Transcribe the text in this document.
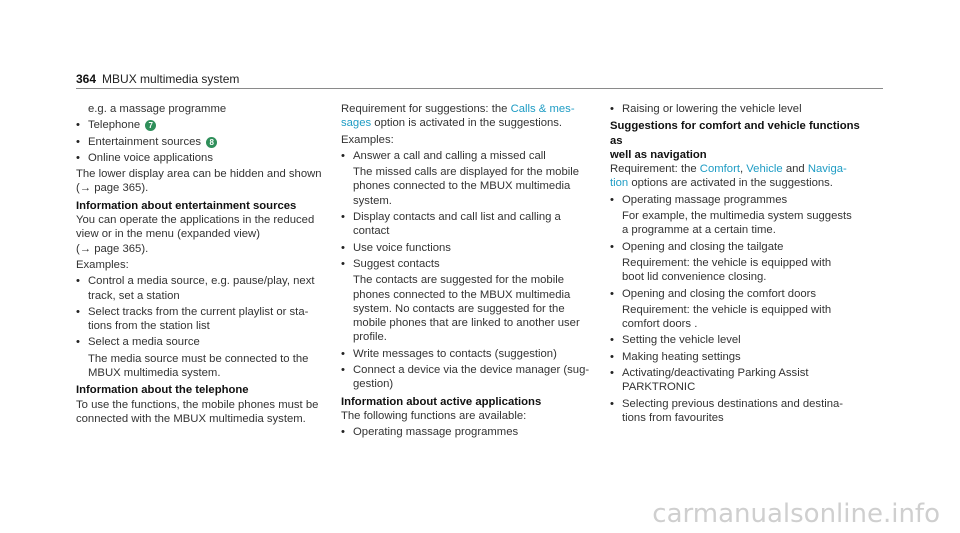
364 MBUX multimedia system
e.g. a massage programme
• Telephone 7
• Entertainment sources 8
• Online voice applications
The lower display area can be hidden and shown
(→ page 365).
Information about entertainment sources
You can operate the applications in the reduced
view or in the menu (expanded view)
(→ page 365).
Examples:
• Control a media source, e.g. pause/play, next
track, set a station
• Select tracks from the current playlist or sta‐
tions from the station list
• Select a media source
The media source must be connected to the
MBUX multimedia system.
Information about the telephone
To use the functions, the mobile phones must be
connected with the MBUX multimedia system.
Requirement for suggestions: the Calls & mes‐
sages option is activated in the suggestions.
Examples:
• Answer a call and calling a missed call
The missed calls are displayed for the mobile
phones connected to the MBUX multimedia
system.
• Display contacts and call list and calling a
contact
• Use voice functions
• Suggest contacts
The contacts are suggested for the mobile
phones connected to the MBUX multimedia
system. No contacts are suggested for the
mobile phones that are linked to another user
profile.
• Write messages to contacts (suggestion)
• Connect a device via the device manager (sug‐
gestion)
Information about active applications
The following functions are available:
• Operating massage programmes
• Raising or lowering the vehicle level
Suggestions for comfort and vehicle functions as
well as navigation
Requirement: the Comfort, Vehicle and Naviga‐
tion options are activated in the suggestions.
• Operating massage programmes
For example, the multimedia system suggests
a programme at a certain time.
• Opening and closing the tailgate
Requirement: the vehicle is equipped with
boot lid convenience closing.
• Opening and closing the comfort doors
Requirement: the vehicle is equipped with
comfort doors .
• Setting the vehicle level
• Making heating settings
• Activating/deactivating Parking Assist
PARKTRONIC
• Selecting previous destinations and destina‐
tions from favourites
carmanualsonline.info
